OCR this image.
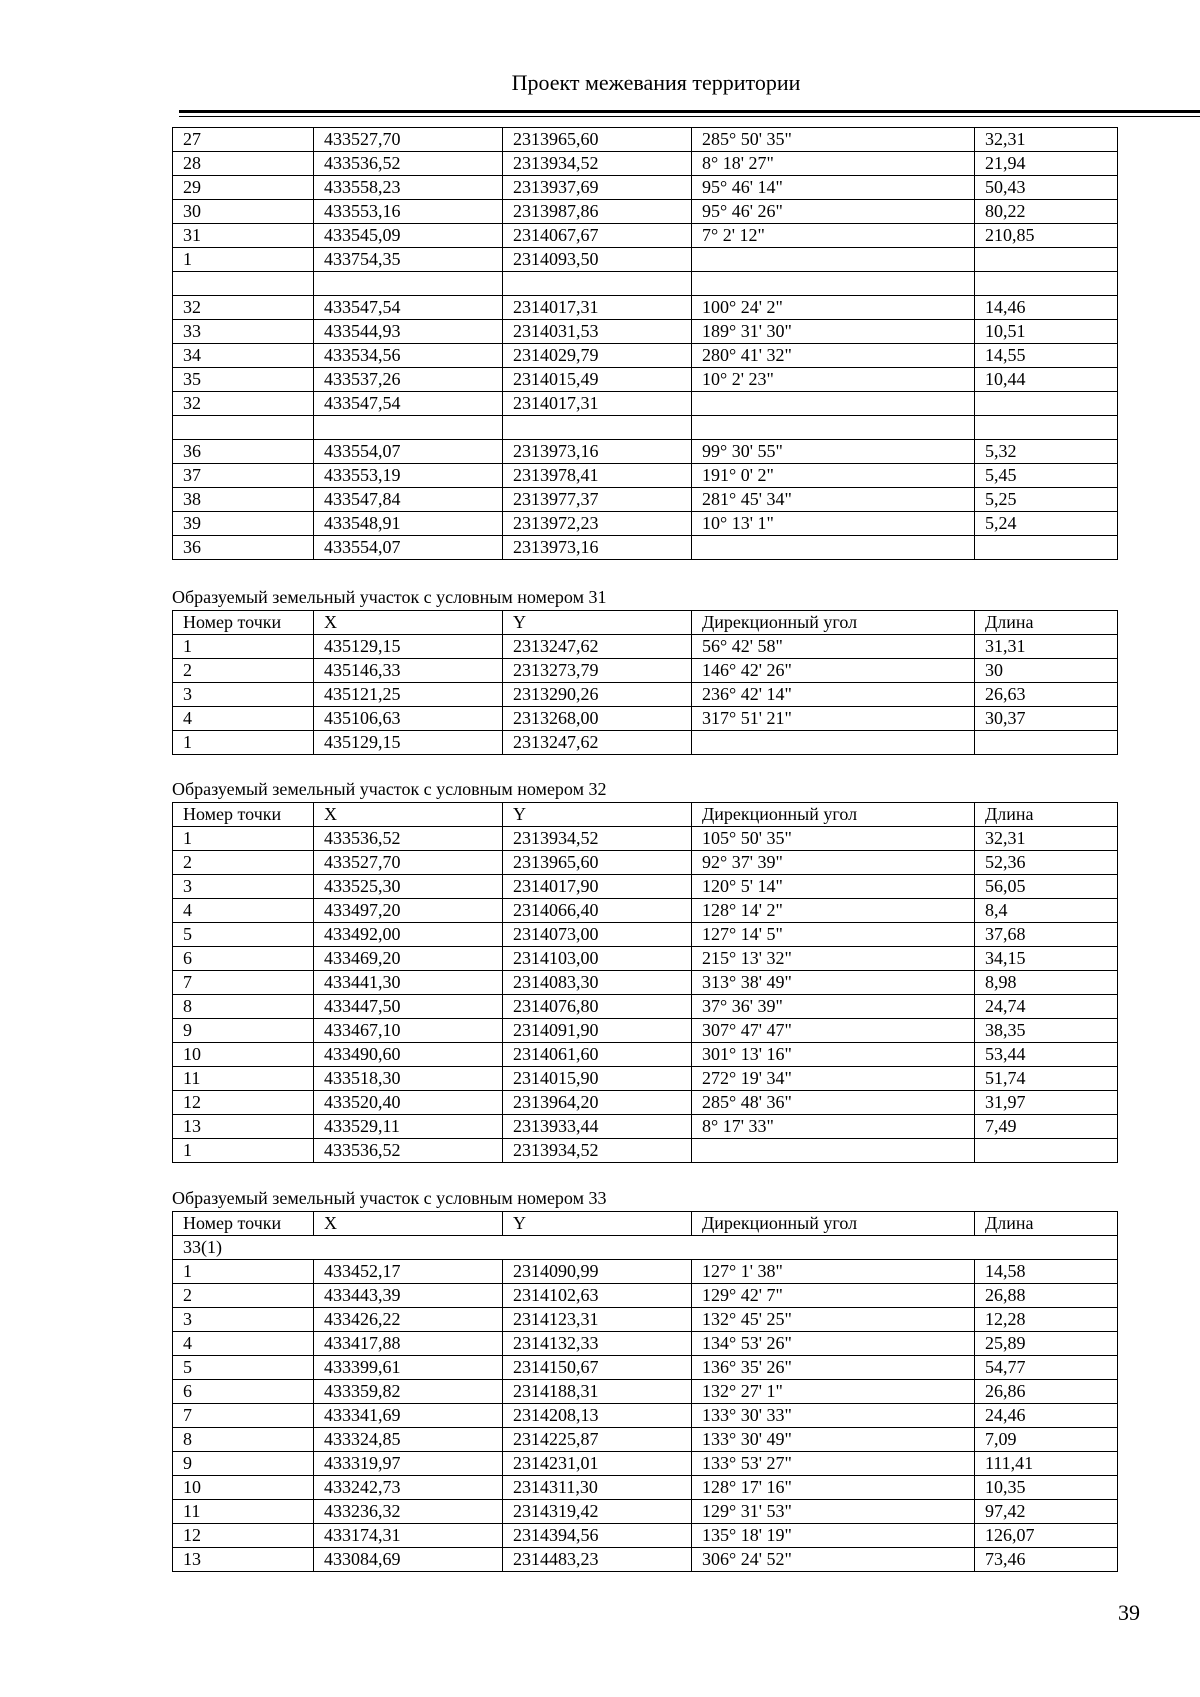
Проект межевания территории
27	433527,70	2313965,60	285° 50' 35"	32,31
28	433536,52	2313934,52	8° 18' 27"	21,94
29	433558,23	2313937,69	95° 46' 14"	50,43
30	433553,16	2313987,86	95° 46' 26"	80,22
31	433545,09	2314067,67	7° 2' 12"	210,85
1	433754,35	2314093,50		

32	433547,54	2314017,31	100° 24' 2"	14,46
33	433544,93	2314031,53	189° 31' 30"	10,51
34	433534,56	2314029,79	280° 41' 32"	14,55
35	433537,26	2314015,49	10° 2' 23"	10,44
32	433547,54	2314017,31		

36	433554,07	2313973,16	99° 30' 55"	5,32
37	433553,19	2313978,41	191° 0' 2"	5,45
38	433547,84	2313977,37	281° 45' 34"	5,25
39	433548,91	2313972,23	10° 13' 1"	5,24
36	433554,07	2313973,16		
Образуемый земельный участок с условным номером 31
Номер точки	X	Y	Дирекционный угол	Длина
1	435129,15	2313247,62	56° 42' 58"	31,31
2	435146,33	2313273,79	146° 42' 26"	30
3	435121,25	2313290,26	236° 42' 14"	26,63
4	435106,63	2313268,00	317° 51' 21"	30,37
1	435129,15	2313247,62		
Образуемый земельный участок с условным номером 32
Номер точки	X	Y	Дирекционный угол	Длина
1	433536,52	2313934,52	105° 50' 35"	32,31
2	433527,70	2313965,60	92° 37' 39"	52,36
3	433525,30	2314017,90	120° 5' 14"	56,05
4	433497,20	2314066,40	128° 14' 2"	8,4
5	433492,00	2314073,00	127° 14' 5"	37,68
6	433469,20	2314103,00	215° 13' 32"	34,15
7	433441,30	2314083,30	313° 38' 49"	8,98
8	433447,50	2314076,80	37° 36' 39"	24,74
9	433467,10	2314091,90	307° 47' 47"	38,35
10	433490,60	2314061,60	301° 13' 16"	53,44
11	433518,30	2314015,90	272° 19' 34"	51,74
12	433520,40	2313964,20	285° 48' 36"	31,97
13	433529,11	2313933,44	8° 17' 33"	7,49
1	433536,52	2313934,52		
Образуемый земельный участок с условным номером 33
Номер точки	X	Y	Дирекционный угол	Длина
33(1)				
1	433452,17	2314090,99	127° 1' 38"	14,58
2	433443,39	2314102,63	129° 42' 7"	26,88
3	433426,22	2314123,31	132° 45' 25"	12,28
4	433417,88	2314132,33	134° 53' 26"	25,89
5	433399,61	2314150,67	136° 35' 26"	54,77
6	433359,82	2314188,31	132° 27' 1"	26,86
7	433341,69	2314208,13	133° 30' 33"	24,46
8	433324,85	2314225,87	133° 30' 49"	7,09
9	433319,97	2314231,01	133° 53' 27"	111,41
10	433242,73	2314311,30	128° 17' 16"	10,35
11	433236,32	2314319,42	129° 31' 53"	97,42
12	433174,31	2314394,56	135° 18' 19"	126,07
13	433084,69	2314483,23	306° 24' 52"	73,46
39
